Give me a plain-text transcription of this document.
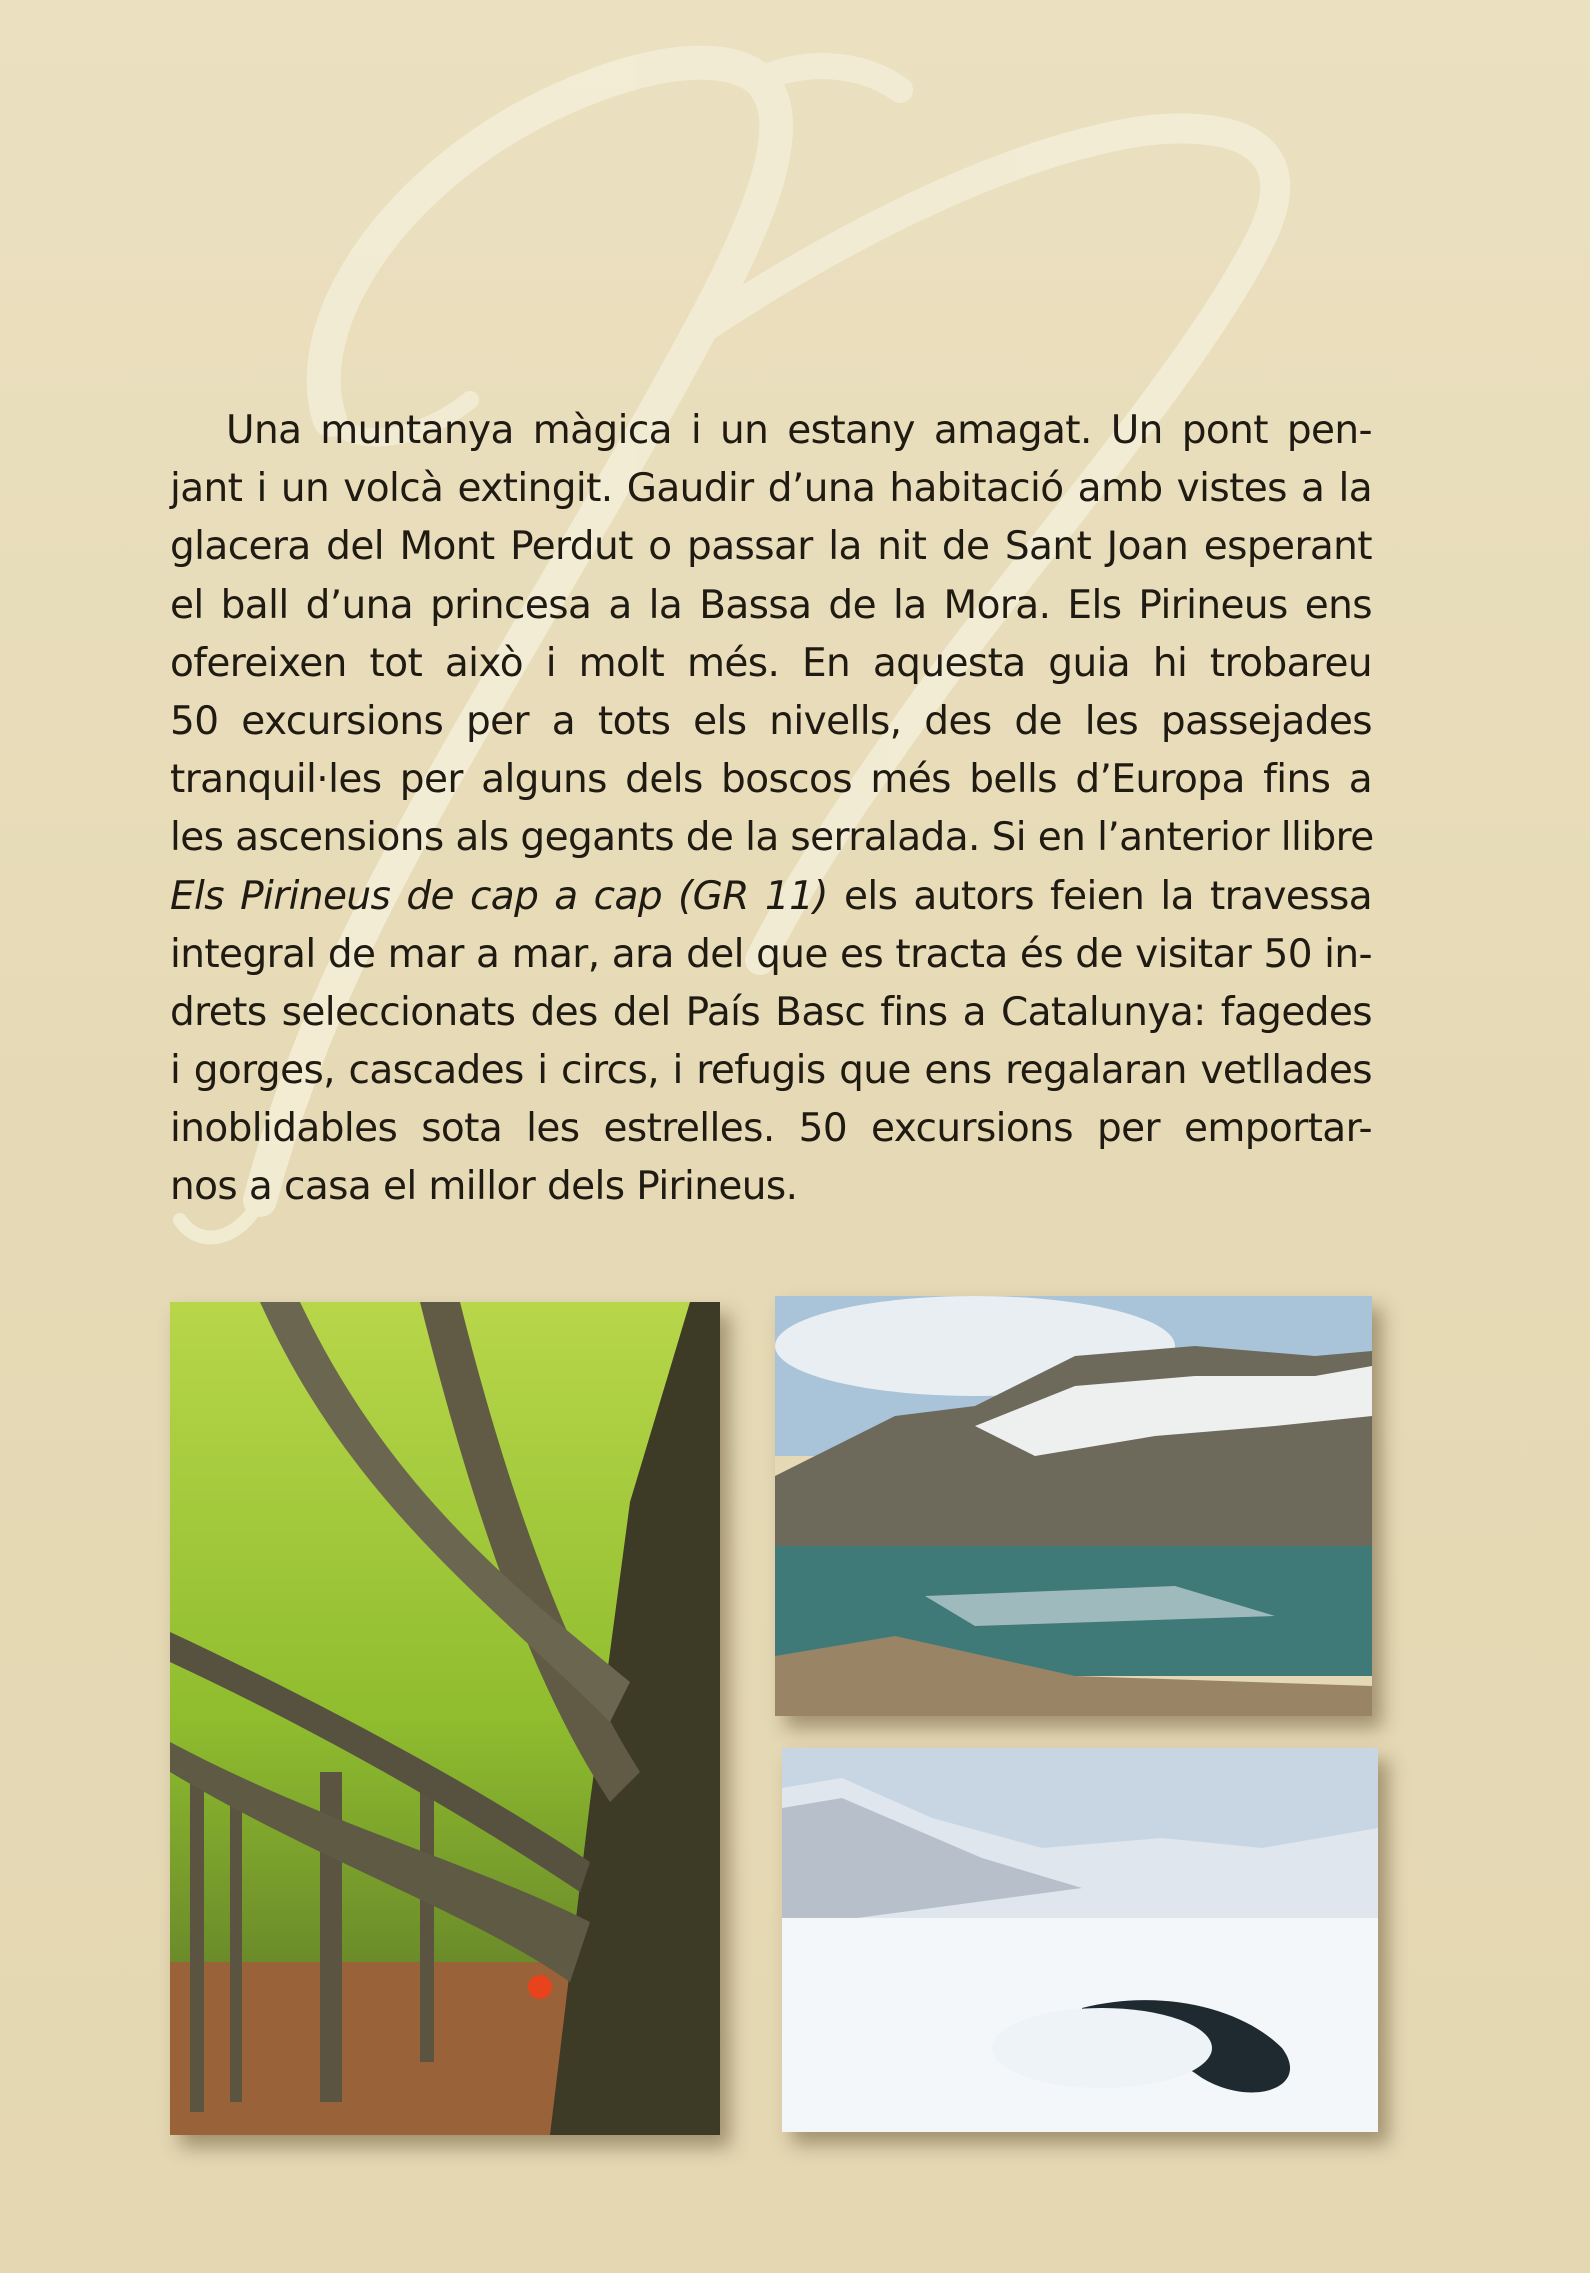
Una muntanya màgica i un estany amagat. Un pont pen-
jant i un volcà extingit. Gaudir d’una habitació amb vistes a la
glacera del Mont Perdut o passar la nit de Sant Joan esperant
el ball d’una princesa a la Bassa de la Mora. Els Pirineus ens
ofereixen tot això i molt més. En aquesta guia hi trobareu
50 excursions per a tots els nivells, des de les passejades
tranquil·les per alguns dels boscos més bells d’Europa fins a
les ascensions als gegants de la serralada. Si en l’anterior llibre
Els Pirineus de cap a cap (GR 11) els autors feien la travessa
integral de mar a mar, ara del que es tracta és de visitar 50 in-
drets seleccionats des del País Basc fins a Catalunya: fagedes
i gorges, cascades i circs, i refugis que ens regalaran vetllades
inoblidables sota les estrelles. 50 excursions per emportar-
nos a casa el millor dels Pirineus.
